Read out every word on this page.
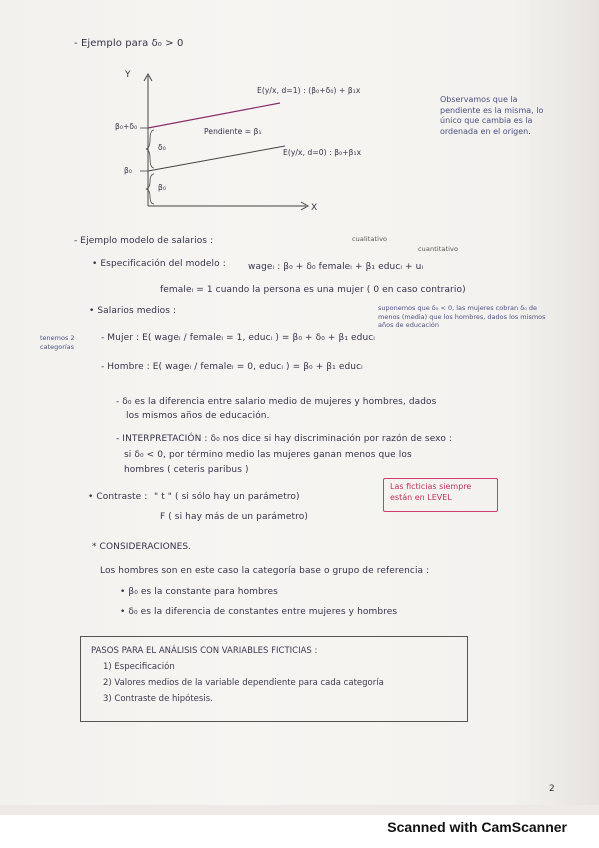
- Ejemplo para δ₀ > 0
Y
X
E(y/x, d=1) : (β₀+δ₀) + β₁x
E(y/x, d=0) : β₀+β₁x
Pendiente = β₁
β₀+δ₀
β₀
δ₀
β₀
Observamos que la pendiente es la misma, lo único que cambia es la ordenada en el origen.
- Ejemplo modelo de salarios :	cualitativo
cuantitativo
• Especificación del modelo : wageᵢ : β₀ + δ₀ femaleᵢ + β₁ educᵢ + uᵢ
femaleᵢ = 1 cuando la persona es una mujer ( 0 en caso contrario)
• Salarios medios :	suponemos que δ₀ < 0, las mujeres cobran δ₀ de menos (media) que los hombres, dados los mismos años de educación
tenemos 2 categorías
- Mujer : E( wageᵢ / femaleᵢ = 1, educᵢ ) = β₀ + δ₀ + β₁ educᵢ
- Hombre : E( wageᵢ / femaleᵢ = 0, educᵢ ) = β₀ + β₁ educᵢ
- δ₀ es la diferencia entre salario medio de mujeres y hombres, dados
los mismos años de educación.
- INTERPRETACIÓN : δ₀ nos dice si hay discriminación por razón de sexo :
si δ₀ < 0, por término medio las mujeres ganan menos que los
hombres ( ceteris paribus )
• Contraste : " t " ( si sólo hay un parámetro)
F ( si hay más de un parámetro)
Las ficticias siempre están en LEVEL
* CONSIDERACIONES.
Los hombres son en este caso la categoría base o grupo de referencia :
• β₀ es la constante para hombres
• δ₀ es la diferencia de constantes entre mujeres y hombres
PASOS PARA EL ANÁLISIS CON VARIABLES FICTICIAS :
1) Especificación
2) Valores medios de la variable dependiente para cada categoría
3) Contraste de hipótesis.
2
Scanned with CamScanner
